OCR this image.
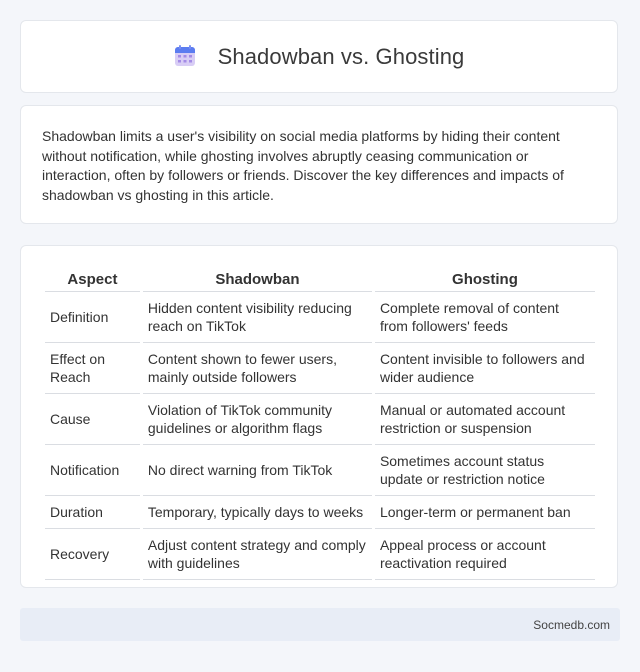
Shadowban vs. Ghosting

Shadowban limits a user's visibility on social media platforms by hiding their content without notification, while ghosting involves abruptly ceasing communication or interaction, often by followers or friends. Discover the key differences and impacts of shadowban vs ghosting in this article.

Aspect	Shadowban	Ghosting
Definition	Hidden content visibility reducing reach on TikTok	Complete removal of content from followers' feeds
Effect on Reach	Content shown to fewer users, mainly outside followers	Content invisible to followers and wider audience
Cause	Violation of TikTok community guidelines or algorithm flags	Manual or automated account restriction or suspension
Notification	No direct warning from TikTok	Sometimes account status update or restriction notice
Duration	Temporary, typically days to weeks	Longer-term or permanent ban
Recovery	Adjust content strategy and comply with guidelines	Appeal process or account reactivation required
Socmedb.com
